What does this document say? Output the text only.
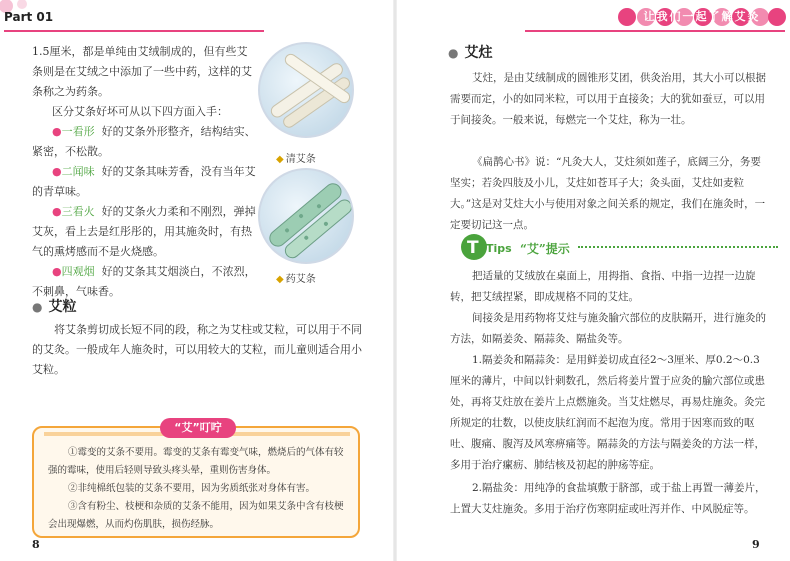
Part 01
1.5厘米，都是单纯由艾绒制成的，但有些艾条则是在艾绒之中添加了一些中药，这样的艾条称之为药条。
区分艾条好坏可从以下四方面入手：
●一看形 好的艾条外形整齐，结构结实、紧密，不松散。
●二闻味 好的艾条其味芳香，没有当年艾的青草味。
●三看火 好的艾条火力柔和不刚烈，弹掉艾灰，看上去是红彤彤的，用其施灸时，有热气的熏烤感而不是火烧感。
●四观烟 好的艾条其艾烟淡白，不浓烈，不刺鼻，气味香。
◆ 清艾条
◆ 药艾条
● 艾粒
将艾条剪切成长短不同的段，称之为艾柱或艾粒，可以用于不同的艾灸。一般成年人施灸时，可以用较大的艾粒，而儿童则适合用小艾粒。
“艾”叮咛
①霉变的艾条不要用。霉变的艾条有霉变气味，燃烧后的气体有较强的霉味，使用后轻则导致头疼头晕，重则伤害身体。
②非纯棉纸包装的艾条不要用，因为劣质纸张对身体有害。
③含有粉尘、枝梗和杂质的艾条不能用，因为如果艾条中含有枝梗会出现爆燃，从而灼伤肌肤，损伤经脉。
8
让我们一起了解艾灸
● 艾炷
艾炷，是由艾绒制成的圆锥形艾团，供灸治用，其大小可以根据需要而定，小的如同米粒，可以用于直接灸；大的犹如蚕豆，可以用于间接灸。一般来说，每燃完一个艾炷，称为一壮。
《扁鹊心书》说：“凡灸大人，艾炷须如莲子，底阔三分，务要坚实；若灸四肢及小儿，艾炷如苍耳子大；灸头面，艾炷如麦粒大。”这是对艾炷大小与使用对象之间关系的规定，我们在施灸时，一定要切记这一点。
T Tips “艾”提示
把适量的艾绒放在桌面上，用拇指、食指、中指一边捏一边旋转，把艾绒捏紧，即成规格不同的艾炷。
间接灸是用药物将艾炷与施灸腧穴部位的皮肤隔开，进行施灸的方法，如隔姜灸、隔蒜灸、隔盐灸等。
1.隔姜灸和隔蒜灸：是用鲜姜切成直径2～3厘米、厚0.2～0.3厘米的薄片，中间以针刺数孔，然后将姜片置于应灸的腧穴部位或患处，再将艾炷放在姜片上点燃施灸。当艾炷燃尽，再易炷施灸。灸完所规定的壮数，以使皮肤红润而不起泡为度。常用于因寒而致的呕吐、腹痛、腹泻及风寒痹痛等。隔蒜灸的方法与隔姜灸的方法一样，多用于治疗瘰疬、肺结核及初起的肿疡等症。
2.隔盐灸：用纯净的食盐填敷于脐部，或于盐上再置一薄姜片，上置大艾炷施灸。多用于治疗伤寒阴症或吐泻并作、中风脱症等。
9
